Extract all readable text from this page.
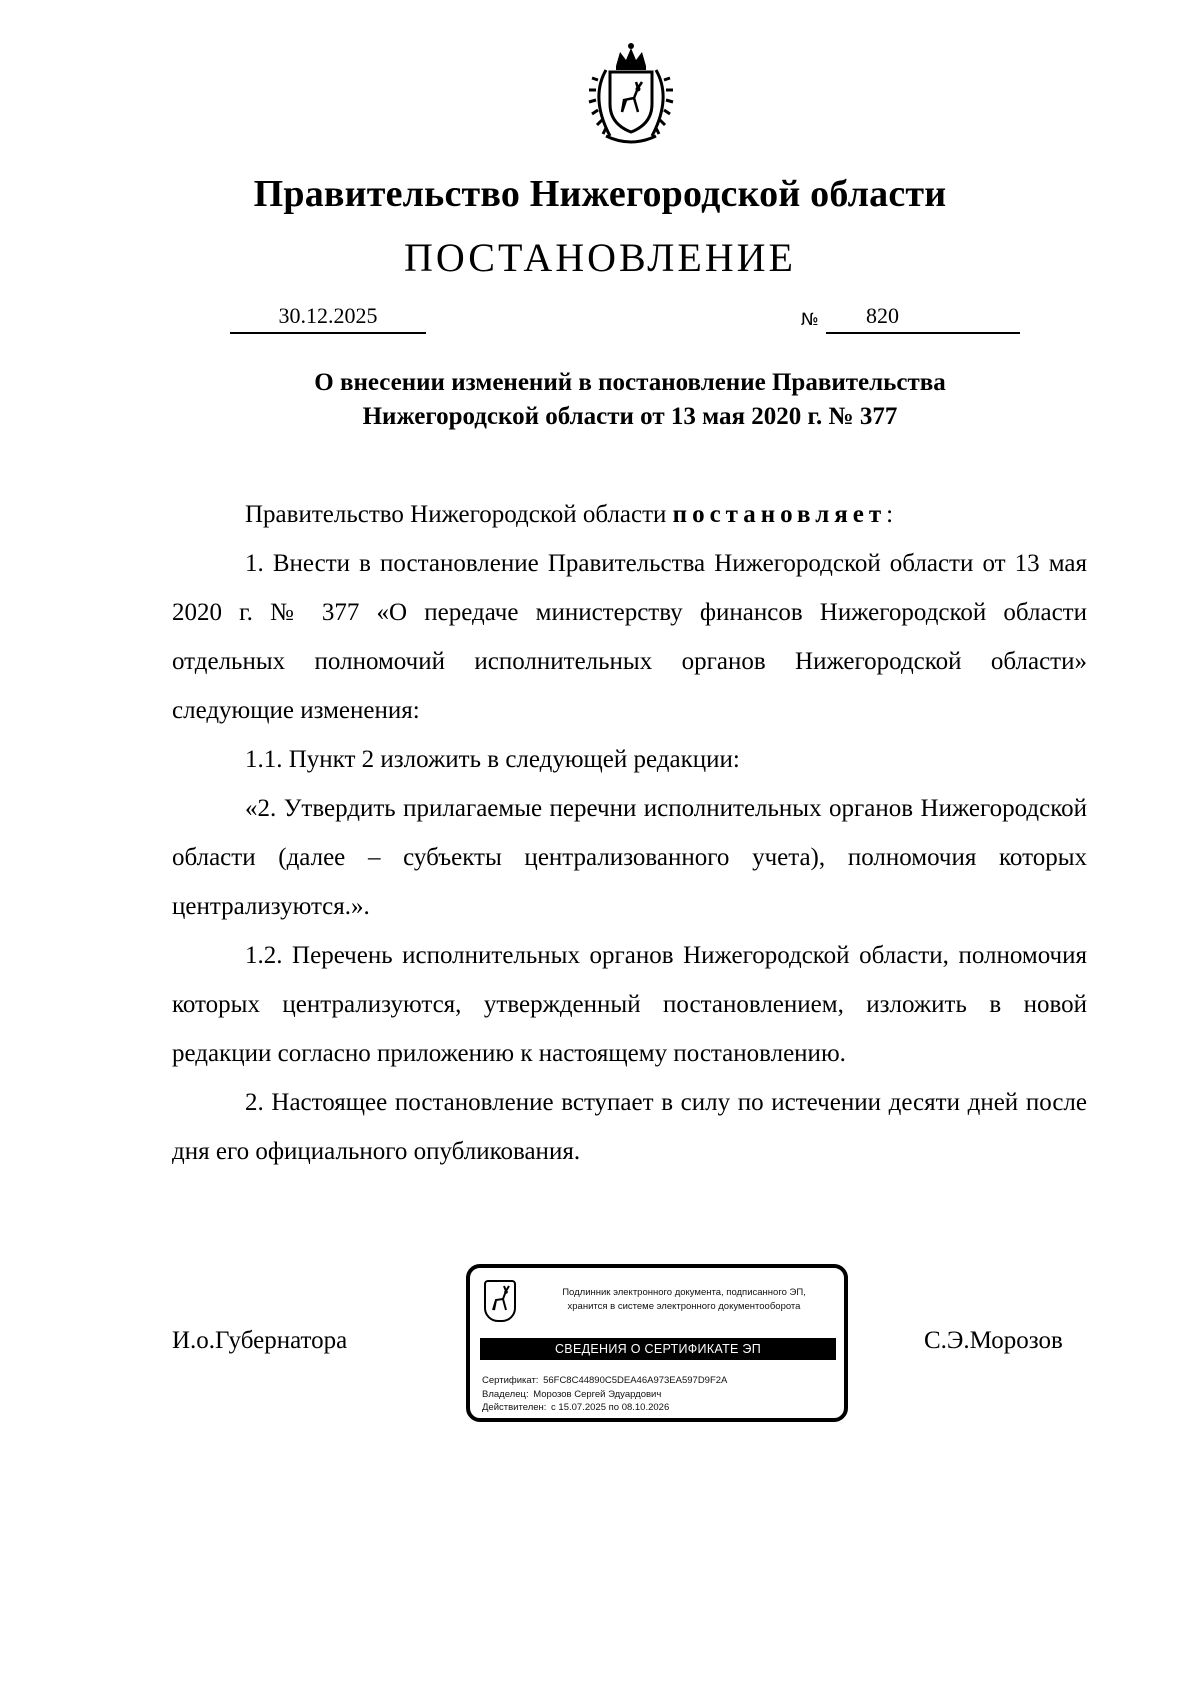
Правительство Нижегородской области
ПОСТАНОВЛЕНИЕ
30.12.2025	№	820
О внесении изменений в постановление Правительства
Нижегородской области от 13 мая 2020 г. № 377

Правительство Нижегородской области постановляет:

1. Внести в постановление Правительства Нижегородской области от 13 мая 2020 г. № 377 «О передаче министерству финансов Нижегородской области отдельных полномочий исполнительных органов Нижегородской области» следующие изменения:

1.1. Пункт 2 изложить в следующей редакции:

«2. Утвердить прилагаемые перечни исполнительных органов Нижегородской области (далее – субъекты централизованного учета), полномочия которых централизуются.».

1.2. Перечень исполнительных органов Нижегородской области, полномочия которых централизуются, утвержденный постановлением, изложить в новой редакции согласно приложению к настоящему постановлению.

2. Настоящее постановление вступает в силу по истечении десяти дней после дня его официального опубликования.

И.о.Губернатора	С.Э.Морозов
Подлинник электронного документа, подписанного ЭП,
хранится в системе электронного документооборота
СВЕДЕНИЯ О СЕРТИФИКАТЕ ЭП
Сертификат: 56FC8C44890C5DEA46A973EA597D9F2A
Владелец: Морозов Сергей Эдуардович
Действителен: с 15.07.2025 по 08.10.2026
